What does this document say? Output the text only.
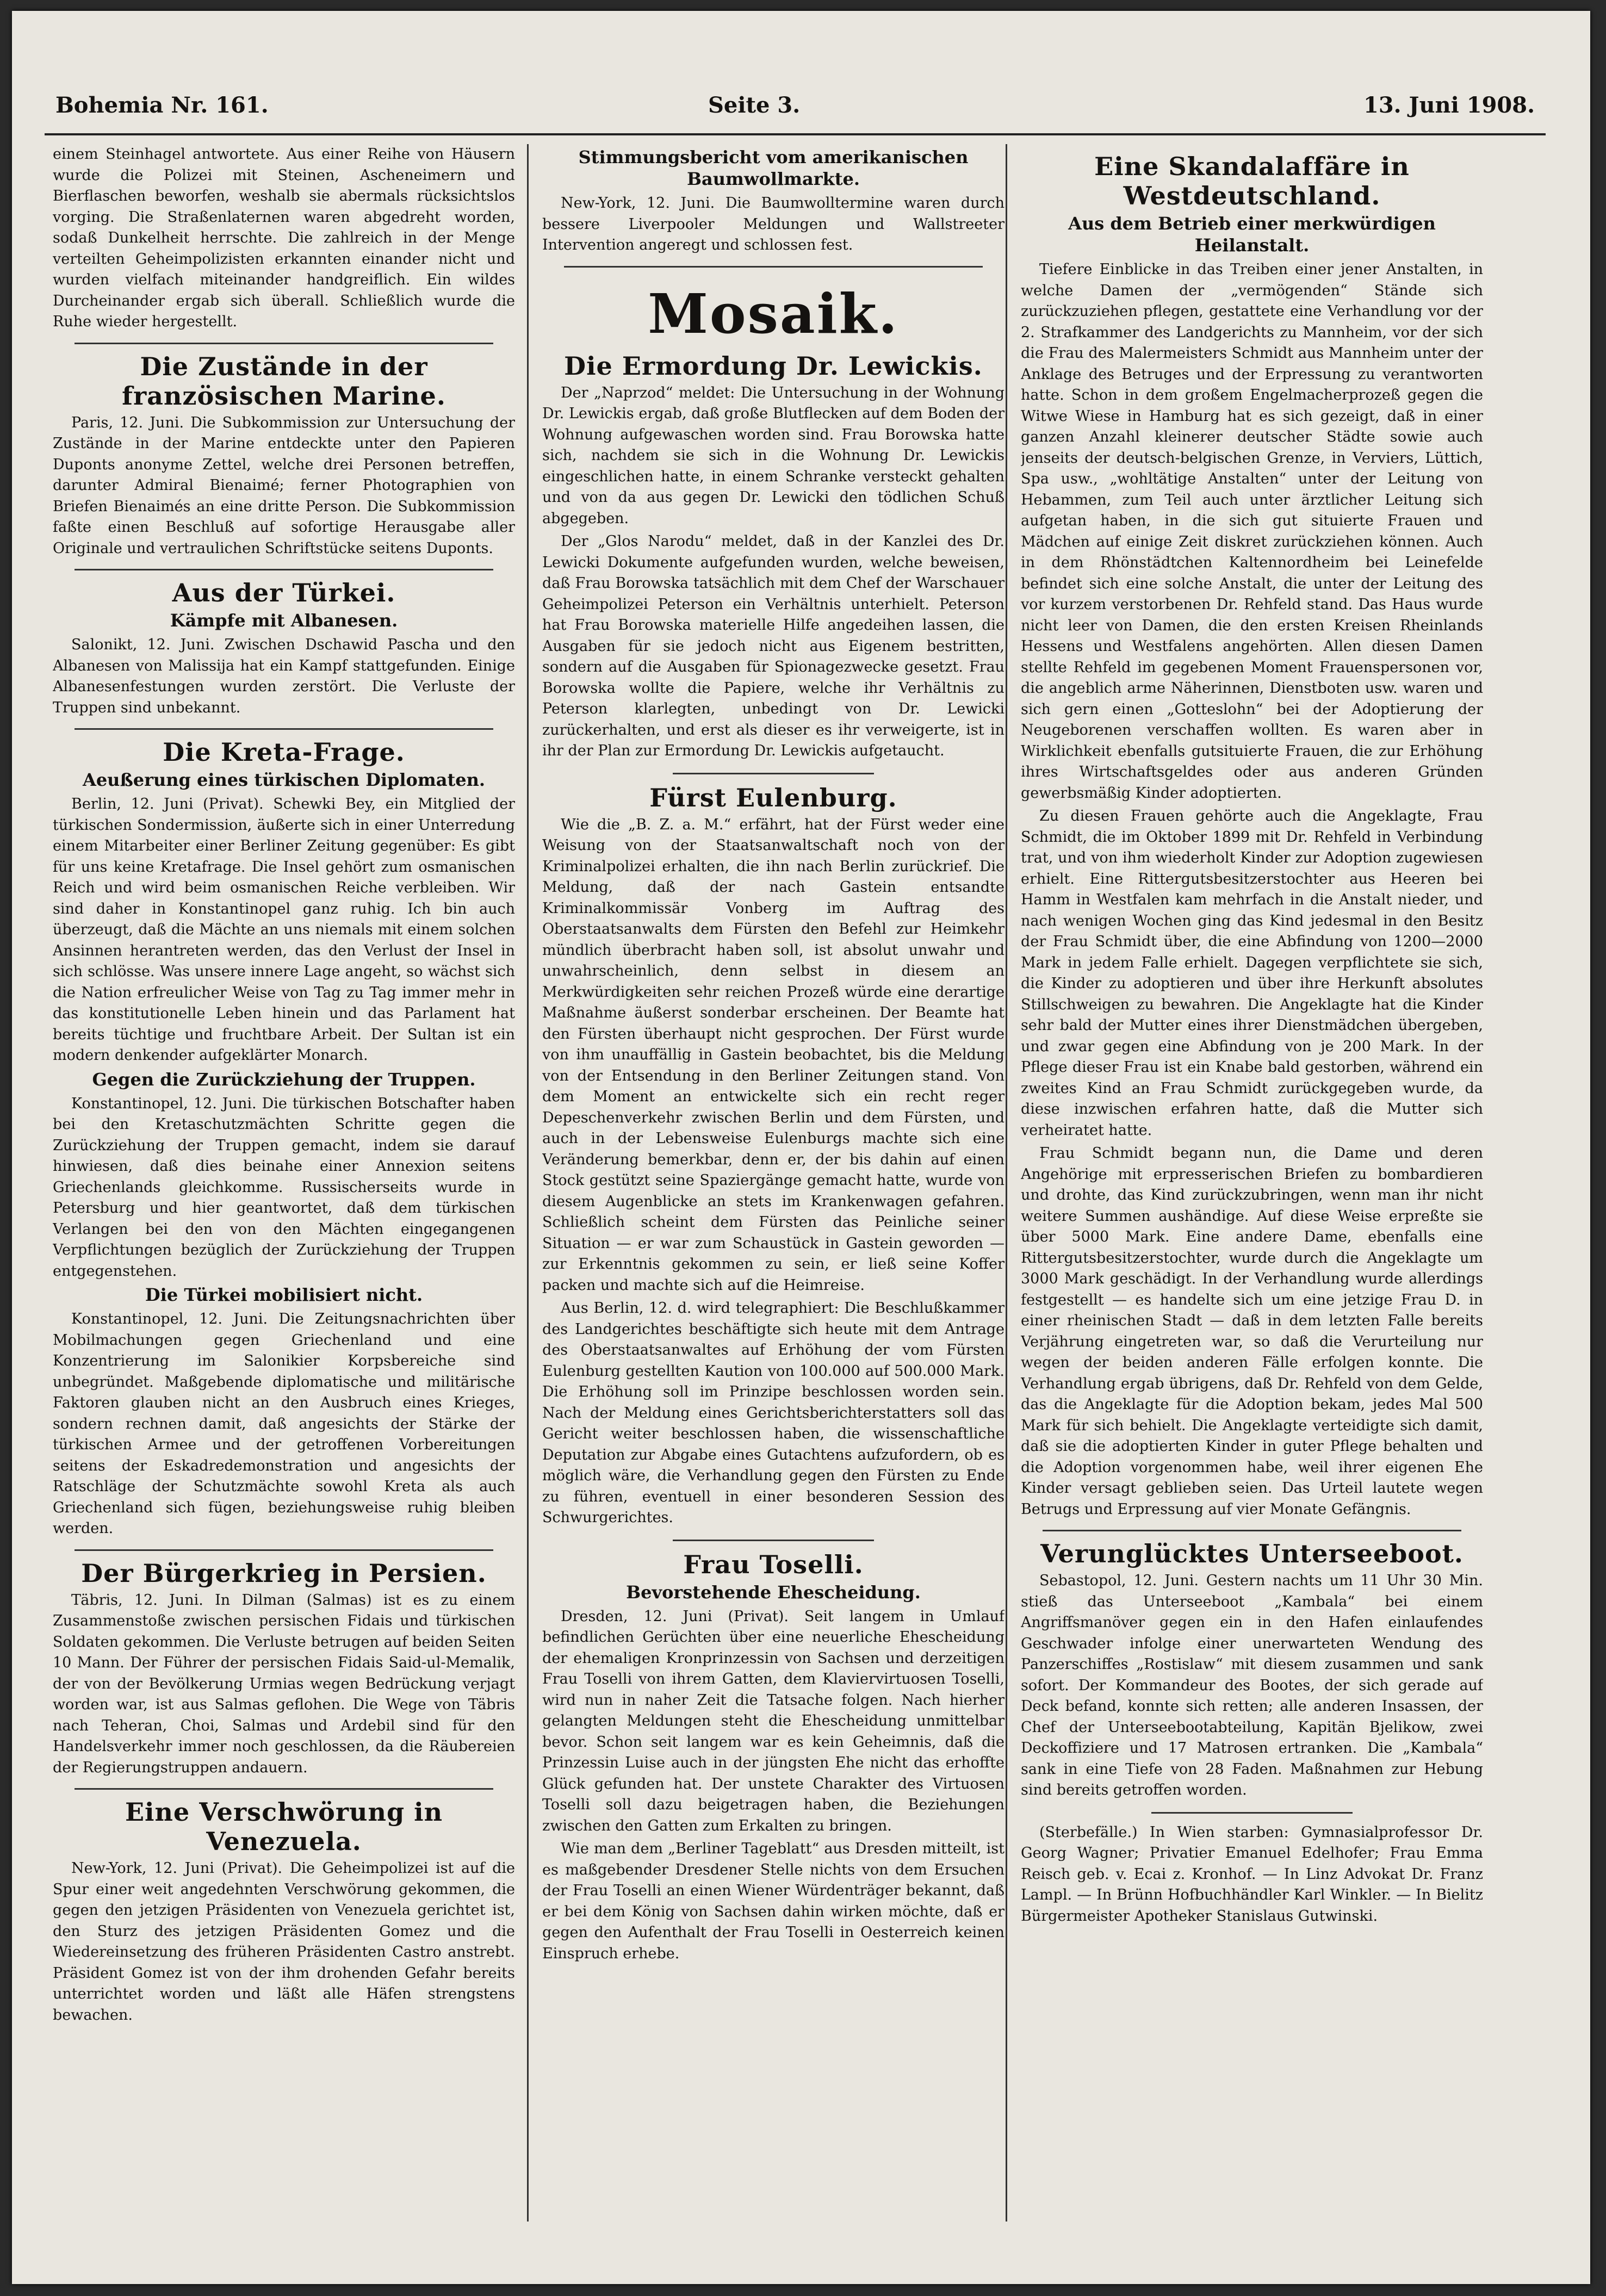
Bohemia Nr. 161.	Seite 3.	13. Juni 1908.

einem Steinhagel antwortete. Aus einer Reihe von Häusern wurde die Polizei mit Steinen, Ascheneimern und Bierflaschen beworfen, weshalb sie abermals rücksichtslos vorging. Die Straßenlaternen waren abgedreht worden, sodaß Dunkelheit herrschte. Die zahlreich in der Menge verteilten Geheimpolizisten erkannten einander nicht und wurden vielfach miteinander handgreiflich. Ein wildes Durcheinander ergab sich überall. Schließlich wurde die Ruhe wieder hergestellt.

Die Zustände in der französischen Marine.

Paris, 12. Juni. Die Subkommission zur Untersuchung der Zustände in der Marine entdeckte unter den Papieren Duponts anonyme Zettel, welche drei Personen betreffen, darunter Admiral Bienaimé; ferner Photographien von Briefen Bienaimés an eine dritte Person. Die Subkommission faßte einen Beschluß auf sofortige Herausgabe aller Originale und vertraulichen Schriftstücke seitens Duponts.

Aus der Türkei.
Kämpfe mit Albanesen.

Salonikt, 12. Juni. Zwischen Dschawid Pascha und den Albanesen von Malissija hat ein Kampf stattgefunden. Einige Albanesenfestungen wurden zerstört. Die Verluste der Truppen sind unbekannt.

Die Kreta-Frage.
Aeußerung eines türkischen Diplomaten.

Berlin, 12. Juni (Privat). Schewki Bey, ein Mitglied der türkischen Sondermission, äußerte sich in einer Unterredung einem Mitarbeiter einer Berliner Zeitung gegenüber: Es gibt für uns keine Kretafrage. Die Insel gehört zum osmanischen Reich und wird beim osmanischen Reiche verbleiben. Wir sind daher in Konstantinopel ganz ruhig. Ich bin auch überzeugt, daß die Mächte an uns niemals mit einem solchen Ansinnen herantreten werden, das den Verlust der Insel in sich schlösse. Was unsere innere Lage angeht, so wächst sich die Nation erfreulicher Weise von Tag zu Tag immer mehr in das konstitutionelle Leben hinein und das Parlament hat bereits tüchtige und fruchtbare Arbeit. Der Sultan ist ein modern denkender aufgeklärter Monarch.

Gegen die Zurückziehung der Truppen.

Konstantinopel, 12. Juni. Die türkischen Botschafter haben bei den Kretaschutzmächten Schritte gegen die Zurückziehung der Truppen gemacht, indem sie darauf hinwiesen, daß dies beinahe einer Annexion seitens Griechenlands gleichkomme. Russischerseits wurde in Petersburg und hier geantwortet, daß dem türkischen Verlangen bei den von den Mächten eingegangenen Verpflichtungen bezüglich der Zurückziehung der Truppen entgegenstehen.

Die Türkei mobilisiert nicht.

Konstantinopel, 12. Juni. Die Zeitungsnachrichten über Mobilmachungen gegen Griechenland und eine Konzentrierung im Salonikier Korpsbereiche sind unbegründet. Maßgebende diplomatische und militärische Faktoren glauben nicht an den Ausbruch eines Krieges, sondern rechnen damit, daß angesichts der Stärke der türkischen Armee und der getroffenen Vorbereitungen seitens der Eskadredemonstration und angesichts der Ratschläge der Schutzmächte sowohl Kreta als auch Griechenland sich fügen, beziehungsweise ruhig bleiben werden.

Der Bürgerkrieg in Persien.

Täbris, 12. Juni. In Dilman (Salmas) ist es zu einem Zusammenstoße zwischen persischen Fidais und türkischen Soldaten gekommen. Die Verluste betrugen auf beiden Seiten 10 Mann. Der Führer der persischen Fidais Said-ul-Memalik, der von der Bevölkerung Urmias wegen Bedrückung verjagt worden war, ist aus Salmas geflohen. Die Wege von Täbris nach Teheran, Choi, Salmas und Ardebil sind für den Handelsverkehr immer noch geschlossen, da die Räubereien der Regierungstruppen andauern.

Eine Verschwörung in Venezuela.

New-York, 12. Juni (Privat). Die Geheimpolizei ist auf die Spur einer weit angedehnten Verschwörung gekommen, die gegen den jetzigen Präsidenten von Venezuela gerichtet ist, den Sturz des jetzigen Präsidenten Gomez und die Wiedereinsetzung des früheren Präsidenten Castro anstrebt. Präsident Gomez ist von der ihm drohenden Gefahr bereits unterrichtet worden und läßt alle Häfen strengstens bewachen.

Stimmungsbericht vom amerikanischen Baumwollmarkte.

New-York, 12. Juni. Die Baumwolltermine waren durch bessere Liverpooler Meldungen und Wallstreeter Intervention angeregt und schlossen fest.

Mosaik.
Die Ermordung Dr. Lewickis.

Der „Naprzod“ meldet: Die Untersuchung in der Wohnung Dr. Lewickis ergab, daß große Blutflecken auf dem Boden der Wohnung aufgewaschen worden sind. Frau Borowska hatte sich, nachdem sie sich in die Wohnung Dr. Lewickis eingeschlichen hatte, in einem Schranke versteckt gehalten und von da aus gegen Dr. Lewicki den tödlichen Schuß abgegeben.

Der „Glos Narodu“ meldet, daß in der Kanzlei des Dr. Lewicki Dokumente aufgefunden wurden, welche beweisen, daß Frau Borowska tatsächlich mit dem Chef der Warschauer Geheimpolizei Peterson ein Verhältnis unterhielt. Peterson hat Frau Borowska materielle Hilfe angedeihen lassen, die Ausgaben für sie jedoch nicht aus Eigenem bestritten, sondern auf die Ausgaben für Spionagezwecke gesetzt. Frau Borowska wollte die Papiere, welche ihr Verhältnis zu Peterson klarlegten, unbedingt von Dr. Lewicki zurückerhalten, und erst als dieser es ihr verweigerte, ist in ihr der Plan zur Ermordung Dr. Lewickis aufgetaucht.

Fürst Eulenburg.

Wie die „B. Z. a. M.“ erfährt, hat der Fürst weder eine Weisung von der Staatsanwaltschaft noch von der Kriminalpolizei erhalten, die ihn nach Berlin zurückrief. Die Meldung, daß der nach Gastein entsandte Kriminalkommissär Vonberg im Auftrag des Oberstaatsanwalts dem Fürsten den Befehl zur Heimkehr mündlich überbracht haben soll, ist absolut unwahr und unwahrscheinlich, denn selbst in diesem an Merkwürdigkeiten sehr reichen Prozeß würde eine derartige Maßnahme äußerst sonderbar erscheinen. Der Beamte hat den Fürsten überhaupt nicht gesprochen. Der Fürst wurde von ihm unauffällig in Gastein beobachtet, bis die Meldung von der Entsendung in den Berliner Zeitungen stand. Von dem Moment an entwickelte sich ein recht reger Depeschenverkehr zwischen Berlin und dem Fürsten, und auch in der Lebensweise Eulenburgs machte sich eine Veränderung bemerkbar, denn er, der bis dahin auf einen Stock gestützt seine Spaziergänge gemacht hatte, wurde von diesem Augenblicke an stets im Krankenwagen gefahren. Schließlich scheint dem Fürsten das Peinliche seiner Situation — er war zum Schaustück in Gastein geworden — zur Erkenntnis gekommen zu sein, er ließ seine Koffer packen und machte sich auf die Heimreise.

Aus Berlin, 12. d. wird telegraphiert: Die Beschlußkammer des Landgerichtes beschäftigte sich heute mit dem Antrage des Oberstaatsanwaltes auf Erhöhung der vom Fürsten Eulenburg gestellten Kaution von 100.000 auf 500.000 Mark. Die Erhöhung soll im Prinzipe beschlossen worden sein. Nach der Meldung eines Gerichtsberichterstatters soll das Gericht weiter beschlossen haben, die wissenschaftliche Deputation zur Abgabe eines Gutachtens aufzufordern, ob es möglich wäre, die Verhandlung gegen den Fürsten zu Ende zu führen, eventuell in einer besonderen Session des Schwurgerichtes.

Frau Toselli.
Bevorstehende Ehescheidung.

Dresden, 12. Juni (Privat). Seit langem in Umlauf befindlichen Gerüchten über eine neuerliche Ehescheidung der ehemaligen Kronprinzessin von Sachsen und derzeitigen Frau Toselli von ihrem Gatten, dem Klaviervirtuosen Toselli, wird nun in naher Zeit die Tatsache folgen. Nach hierher gelangten Meldungen steht die Ehescheidung unmittelbar bevor. Schon seit langem war es kein Geheimnis, daß die Prinzessin Luise auch in der jüngsten Ehe nicht das erhoffte Glück gefunden hat. Der unstete Charakter des Virtuosen Toselli soll dazu beigetragen haben, die Beziehungen zwischen den Gatten zum Erkalten zu bringen.

Wie man dem „Berliner Tageblatt“ aus Dresden mitteilt, ist es maßgebender Dresdener Stelle nichts von dem Ersuchen der Frau Toselli an einen Wiener Würdenträger bekannt, daß er bei dem König von Sachsen dahin wirken möchte, daß er gegen den Aufenthalt der Frau Toselli in Oesterreich keinen Einspruch erhebe.

Eine Skandalaffäre in Westdeutschland.
Aus dem Betrieb einer merkwürdigen Heilanstalt.

Tiefere Einblicke in das Treiben einer jener Anstalten, in welche Damen der „vermögenden“ Stände sich zurückzuziehen pflegen, gestattete eine Verhandlung vor der 2. Strafkammer des Landgerichts zu Mannheim, vor der sich die Frau des Malermeisters Schmidt aus Mannheim unter der Anklage des Betruges und der Erpressung zu verantworten hatte. Schon in dem großem Engelmacherprozeß gegen die Witwe Wiese in Hamburg hat es sich gezeigt, daß in einer ganzen Anzahl kleinerer deutscher Städte sowie auch jenseits der deutsch-belgischen Grenze, in Verviers, Lüttich, Spa usw., „wohltätige Anstalten“ unter der Leitung von Hebammen, zum Teil auch unter ärztlicher Leitung sich aufgetan haben, in die sich gut situierte Frauen und Mädchen auf einige Zeit diskret zurückziehen können. Auch in dem Rhönstädtchen Kaltennordheim bei Leinefelde befindet sich eine solche Anstalt, die unter der Leitung des vor kurzem verstorbenen Dr. Rehfeld stand. Das Haus wurde nicht leer von Damen, die den ersten Kreisen Rheinlands Hessens und Westfalens angehörten. Allen diesen Damen stellte Rehfeld im gegebenen Moment Frauenspersonen vor, die angeblich arme Näherinnen, Dienstboten usw. waren und sich gern einen „Gotteslohn“ bei der Adoptierung der Neugeborenen verschaffen wollten. Es waren aber in Wirklichkeit ebenfalls gutsituierte Frauen, die zur Erhöhung ihres Wirtschaftsgeldes oder aus anderen Gründen gewerbsmäßig Kinder adoptierten.

Zu diesen Frauen gehörte auch die Angeklagte, Frau Schmidt, die im Oktober 1899 mit Dr. Rehfeld in Verbindung trat, und von ihm wiederholt Kinder zur Adoption zugewiesen erhielt. Eine Rittergutsbesitzerstochter aus Heeren bei Hamm in Westfalen kam mehrfach in die Anstalt nieder, und nach wenigen Wochen ging das Kind jedesmal in den Besitz der Frau Schmidt über, die eine Abfindung von 1200—2000 Mark in jedem Falle erhielt. Dagegen verpflichtete sie sich, die Kinder zu adoptieren und über ihre Herkunft absolutes Stillschweigen zu bewahren. Die Angeklagte hat die Kinder sehr bald der Mutter eines ihrer Dienstmädchen übergeben, und zwar gegen eine Abfindung von je 200 Mark. In der Pflege dieser Frau ist ein Knabe bald gestorben, während ein zweites Kind an Frau Schmidt zurückgegeben wurde, da diese inzwischen erfahren hatte, daß die Mutter sich verheiratet hatte.

Frau Schmidt begann nun, die Dame und deren Angehörige mit erpresserischen Briefen zu bombardieren und drohte, das Kind zurückzubringen, wenn man ihr nicht weitere Summen aushändige. Auf diese Weise erpreßte sie über 5000 Mark. Eine andere Dame, ebenfalls eine Rittergutsbesitzerstochter, wurde durch die Angeklagte um 3000 Mark geschädigt. In der Verhandlung wurde allerdings festgestellt — es handelte sich um eine jetzige Frau D. in einer rheinischen Stadt — daß in dem letzten Falle bereits Verjährung eingetreten war, so daß die Verurteilung nur wegen der beiden anderen Fälle erfolgen konnte. Die Verhandlung ergab übrigens, daß Dr. Rehfeld von dem Gelde, das die Angeklagte für die Adoption bekam, jedes Mal 500 Mark für sich behielt. Die Angeklagte verteidigte sich damit, daß sie die adoptierten Kinder in guter Pflege behalten und die Adoption vorgenommen habe, weil ihrer eigenen Ehe Kinder versagt geblieben seien. Das Urteil lautete wegen Betrugs und Erpressung auf vier Monate Gefängnis.

Verunglücktes Unterseeboot.

Sebastopol, 12. Juni. Gestern nachts um 11 Uhr 30 Min. stieß das Unterseeboot „Kambala“ bei einem Angriffsmanöver gegen ein in den Hafen einlaufendes Geschwader infolge einer unerwarteten Wendung des Panzerschiffes „Rostislaw“ mit diesem zusammen und sank sofort. Der Kommandeur des Bootes, der sich gerade auf Deck befand, konnte sich retten; alle anderen Insassen, der Chef der Unterseebootabteilung, Kapitän Bjelikow, zwei Deckoffiziere und 17 Matrosen ertranken. Die „Kambala“ sank in eine Tiefe von 28 Faden. Maßnahmen zur Hebung sind bereits getroffen worden.

(Sterbefälle.) In Wien starben: Gymnasialprofessor Dr. Georg Wagner; Privatier Emanuel Edelhofer; Frau Emma Reisch geb. v. Ecai z. Kronhof. — In Linz Advokat Dr. Franz Lampl. — In Brünn Hofbuchhändler Karl Winkler. — In Bielitz Bürgermeister Apotheker Stanislaus Gutwinski.
